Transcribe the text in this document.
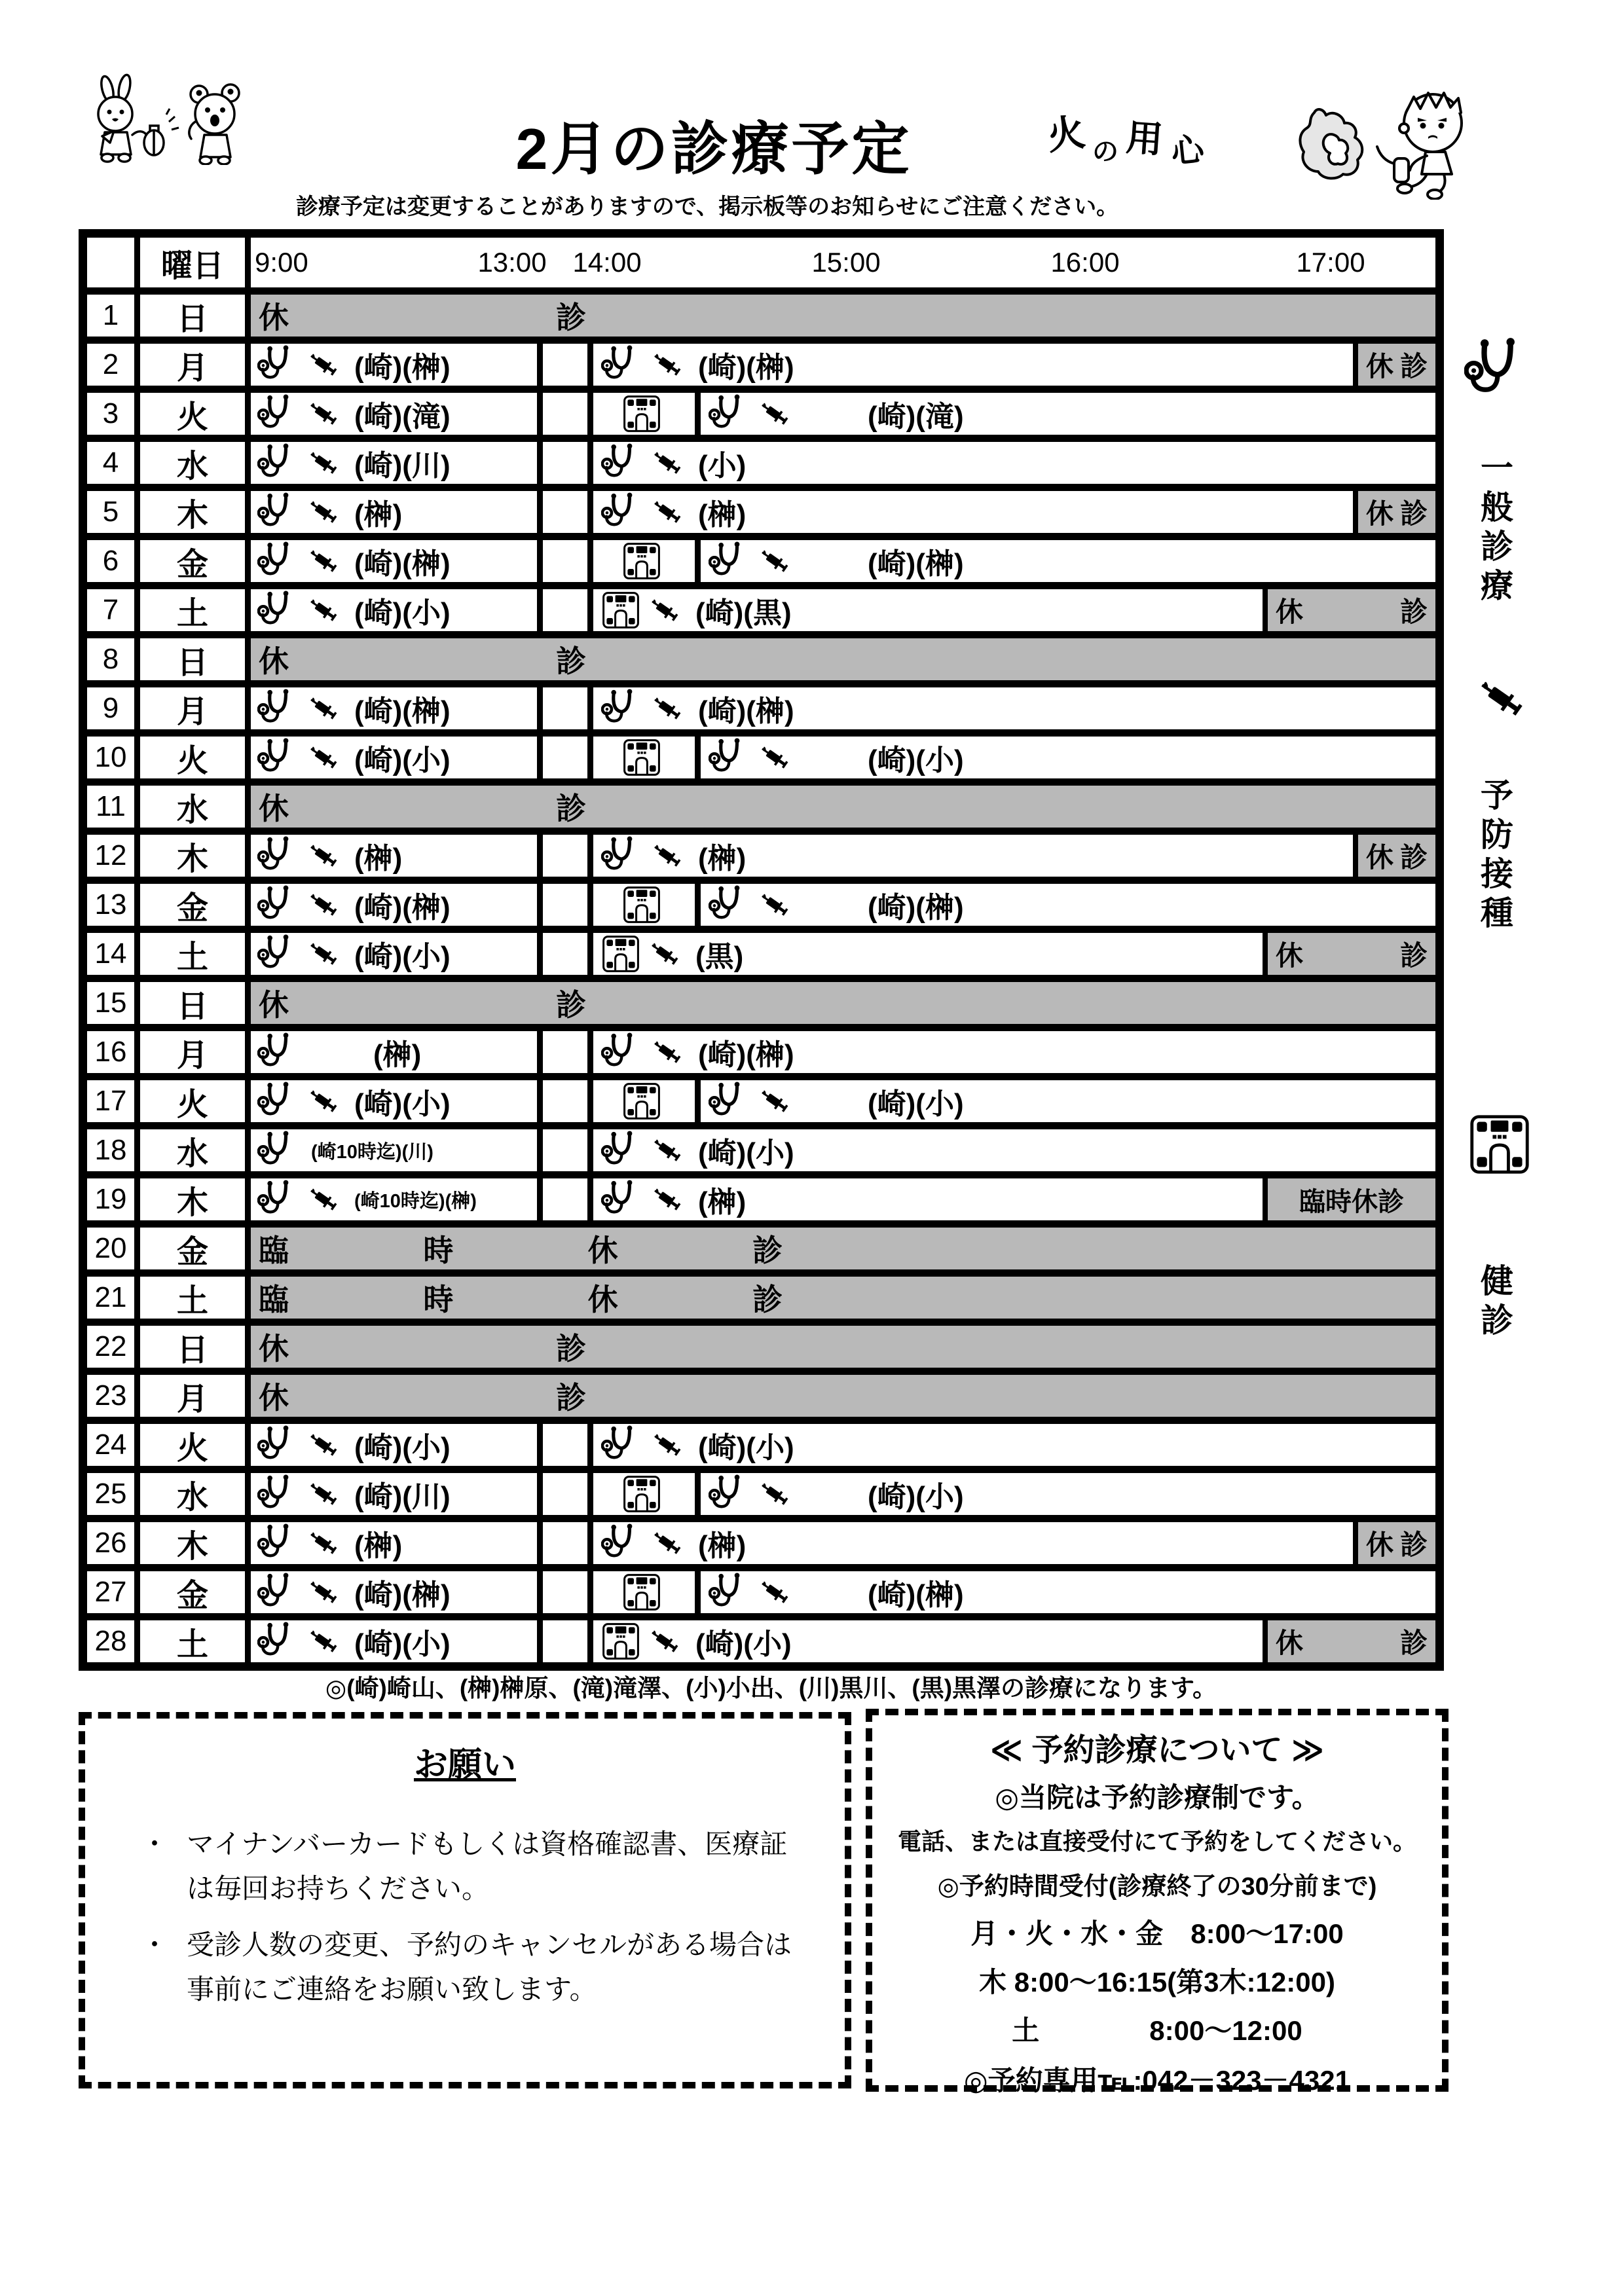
2月の診療予定	火 の 用 心
診療予定は変更することがありますので、掲示板等のお知らせにご注意ください。
曜日	9:00	13:00 14:00	15:00	16:00	17:00
1	日	休	診
2	月	(崎)(榊)	(崎)(榊)	休 診
3	火	(崎)(滝)	(崎)(滝)
4	水	(崎)(川)	(小)
5	木	(榊)	(榊)	休 診
6	金	(崎)(榊)	(崎)(榊)
7	土	(崎)(小)	(崎)(黒)	休	診
8	日	休	診
9	月	(崎)(榊)	(崎)(榊)
10	火	(崎)(小)	(崎)(小)
11	水	休	診
12	木	(榊)	(榊)	休 診
13	金	(崎)(榊)	(崎)(榊)
14	土	(崎)(小)	(黒)	休	診
15	日	休	診
16	月	(榊)	(崎)(榊)
17	火	(崎)(小)	(崎)(小)
18	水	(崎10時迄)(川)	(崎)(小)
19	木	(崎10時迄)(榊)	(榊)	臨時休診
20	金	臨	時	休	診
21	土	臨	時	休	診
22	日	休	診
23	月	休	診
24	火	(崎)(小)	(崎)(小)
25	水	(崎)(川)	(崎)(小)
26	木	(榊)	(榊)	休 診
27	金	(崎)(榊)	(崎)(榊)
28	土	(崎)(小)	(崎)(小)	休	診
一般診療
予防接種
健診
◎(崎)崎山、(榊)榊原、(滝)滝澤、(小)小出、(川)黒川、(黒)黒澤の診療になります。
お願い
・ マイナンバーカードもしくは資格確認書、医療証は毎回お持ちください。
・ 受診人数の変更、予約のキャンセルがある場合は事前にご連絡をお願い致します。
≪ 予約診療について ≫
◎当院は予約診療制です。
電話、または直接受付にて予約をしてください。
◎予約時間受付(診療終了の30分前まで)
月・火・水・金　8:00～17:00
木 8:00～16:15(第3木:12:00)
土　　　　8:00～12:00
◎予約専用℡:042－323－4321
